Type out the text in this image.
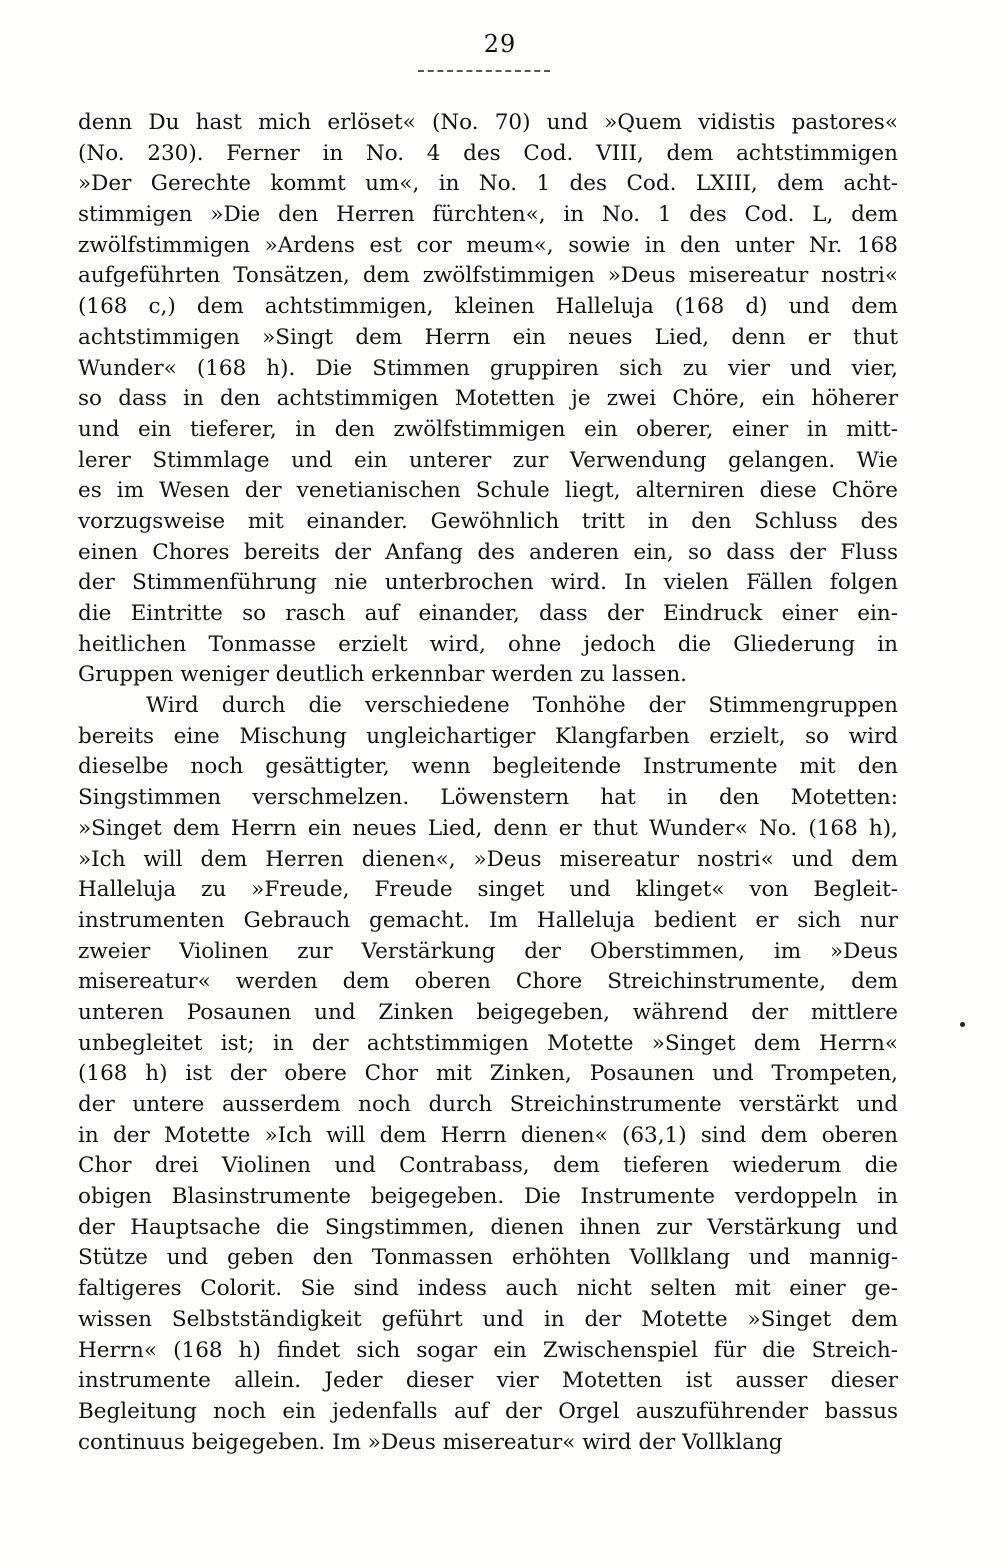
29
denn Du hast mich erlöset« (No. 70) und »Quem vidistis pastores«
(No. 230). Ferner in No. 4 des Cod. VIII, dem achtstimmigen
»Der Gerechte kommt um«, in No. 1 des Cod. LXIII, dem acht-
stimmigen »Die den Herren fürchten«, in No. 1 des Cod. L, dem
zwölfstimmigen »Ardens est cor meum«, sowie in den unter Nr. 168
aufgeführten Tonsätzen, dem zwölfstimmigen »Deus misereatur nostri«
(168 c,) dem achtstimmigen, kleinen Halleluja (168 d) und dem
achtstimmigen »Singt dem Herrn ein neues Lied, denn er thut
Wunder« (168 h). Die Stimmen gruppiren sich zu vier und vier,
so dass in den achtstimmigen Motetten je zwei Chöre, ein höherer
und ein tieferer, in den zwölfstimmigen ein oberer, einer in mitt-
lerer Stimmlage und ein unterer zur Verwendung gelangen. Wie
es im Wesen der venetianischen Schule liegt, alterniren diese Chöre
vorzugsweise mit einander. Gewöhnlich tritt in den Schluss des
einen Chores bereits der Anfang des anderen ein, so dass der Fluss
der Stimmenführung nie unterbrochen wird. In vielen Fällen folgen
die Eintritte so rasch auf einander, dass der Eindruck einer ein-
heitlichen Tonmasse erzielt wird, ohne jedoch die Gliederung in
Gruppen weniger deutlich erkennbar werden zu lassen.
Wird durch die verschiedene Tonhöhe der Stimmengruppen
bereits eine Mischung ungleichartiger Klangfarben erzielt, so wird
dieselbe noch gesättigter, wenn begleitende Instrumente mit den
Singstimmen verschmelzen. Löwenstern hat in den Motetten:
»Singet dem Herrn ein neues Lied, denn er thut Wunder« No. (168 h),
»Ich will dem Herren dienen«, »Deus misereatur nostri« und dem
Halleluja zu »Freude, Freude singet und klinget« von Begleit-
instrumenten Gebrauch gemacht. Im Halleluja bedient er sich nur
zweier Violinen zur Verstärkung der Oberstimmen, im »Deus
misereatur« werden dem oberen Chore Streichinstrumente, dem
unteren Posaunen und Zinken beigegeben, während der mittlere
unbegleitet ist; in der achtstimmigen Motette »Singet dem Herrn«
(168 h) ist der obere Chor mit Zinken, Posaunen und Trompeten,
der untere ausserdem noch durch Streichinstrumente verstärkt und
in der Motette »Ich will dem Herrn dienen« (63,1) sind dem oberen
Chor drei Violinen und Contrabass, dem tieferen wiederum die
obigen Blasinstrumente beigegeben. Die Instrumente verdoppeln in
der Hauptsache die Singstimmen, dienen ihnen zur Verstärkung und
Stütze und geben den Tonmassen erhöhten Vollklang und mannig-
faltigeres Colorit. Sie sind indess auch nicht selten mit einer ge-
wissen Selbstständigkeit geführt und in der Motette »Singet dem
Herrn« (168 h) findet sich sogar ein Zwischenspiel für die Streich-
instrumente allein. Jeder dieser vier Motetten ist ausser dieser
Begleitung noch ein jedenfalls auf der Orgel auszuführender bassus
continuus beigegeben. Im »Deus misereatur« wird der Vollklang
